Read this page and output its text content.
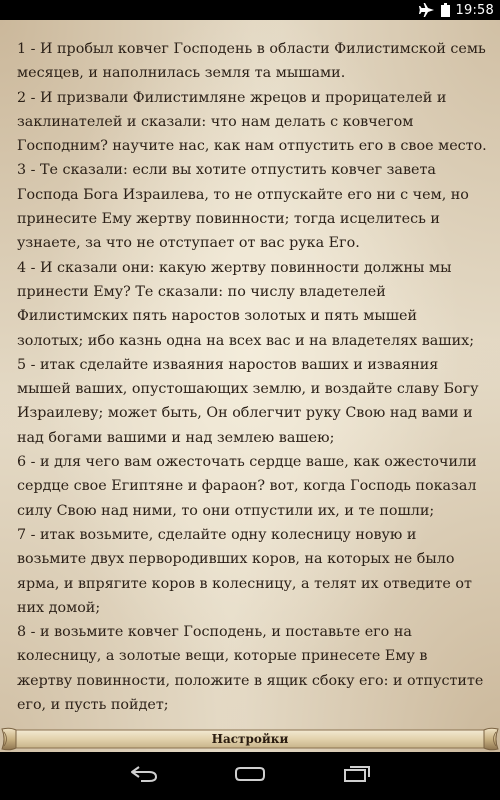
19:58

1 - И пробыл ковчег Господень в области Филистимской семь месяцев, и наполнилась земля та мышами.

2 - И призвали Филистимляне жрецов и прорицателей и заклинателей и сказали: что нам делать с ковчегом Господним? научите нас, как нам отпустить его в свое место.

3 - Те сказали: если вы хотите отпустить ковчег завета Господа Бога Израилева, то не отпускайте его ни с чем, но принесите Ему жертву повинности; тогда исцелитесь и узнаете, за что не отступает от вас рука Его.

4 - И сказали они: какую жертву повинности должны мы принести Ему? Те сказали: по числу владетелей Филистимских пять наростов золотых и пять мышей золотых; ибо казнь одна на всех вас и на владетелях ваших;

5 - итак сделайте изваяния наростов ваших и изваяния мышей ваших, опустошающих землю, и воздайте славу Богу Израилеву; может быть, Он облегчит руку Свою над вами и над богами вашими и над землею вашею;

6 - и для чего вам ожесточать сердце ваше, как ожесточили сердце свое Египтяне и фараон? вот, когда Господь показал силу Свою над ними, то они отпустили их, и те пошли;

7 - итак возьмите, сделайте одну колесницу новую и возьмите двух первородивших коров, на которых не было ярма, и впрягите коров в колесницу, а телят их отведите от них домой;

8 - и возьмите ковчег Господень, и поставьте его на колесницу, а золотые вещи, которые принесете Ему в жертву повинности, положите в ящик сбоку его: и отпустите его, и пусть пойдет;

Настройки
